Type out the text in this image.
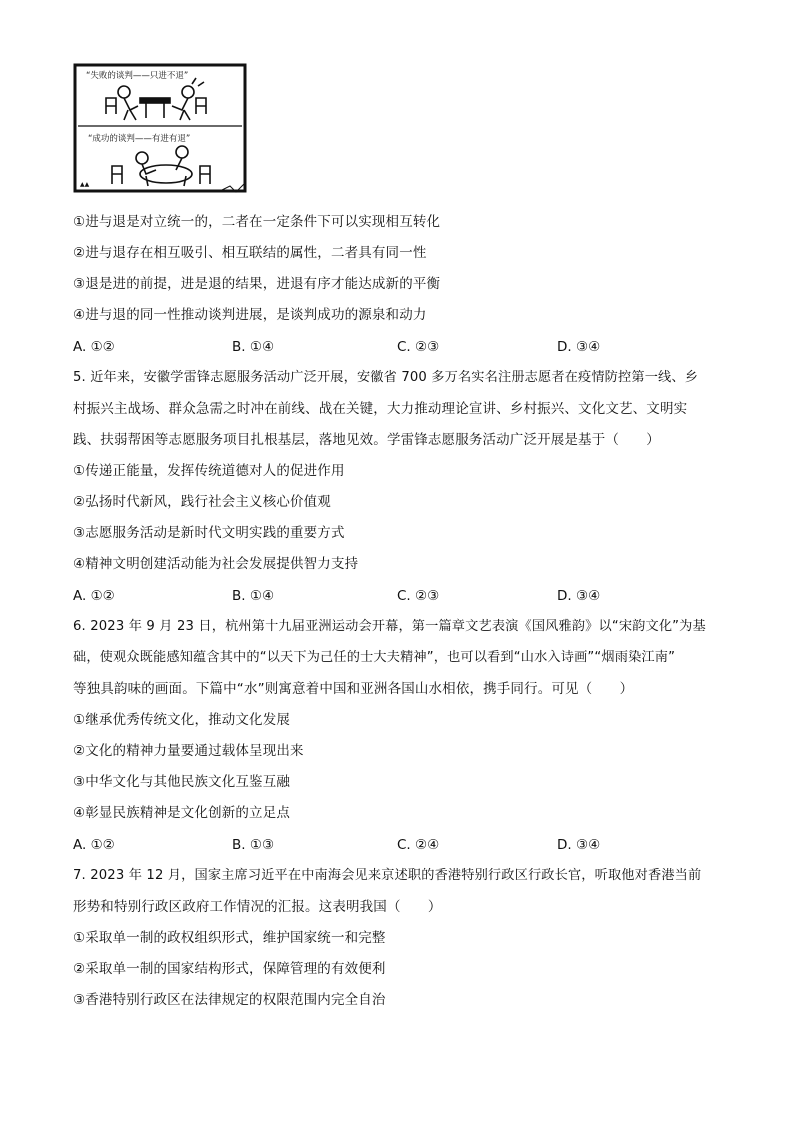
“失败的谈判——只进不退”
“成功的谈判——有进有退”
▲▲
①进与退是对立统一的，二者在一定条件下可以实现相互转化
②进与退存在相互吸引、相互联结的属性，二者具有同一性
③退是进的前提，进是退的结果，进退有序才能达成新的平衡
④进与退的同一性推动谈判进展，是谈判成功的源泉和动力
A. ①②	B. ①④	C. ②③	D. ③④
5. 近年来，安徽学雷锋志愿服务活动广泛开展，安徽省 700 多万名实名注册志愿者在疫情防控第一线、乡
村振兴主战场、群众急需之时冲在前线、战在关键，大力推动理论宣讲、乡村振兴、文化文艺、文明实
践、扶弱帮困等志愿服务项目扎根基层，落地见效。学雷锋志愿服务活动广泛开展是基于（　　）
①传递正能量，发挥传统道德对人的促进作用
②弘扬时代新风，践行社会主义核心价值观
③志愿服务活动是新时代文明实践的重要方式
④精神文明创建活动能为社会发展提供智力支持
A. ①②	B. ①④	C. ②③	D. ③④
6. 2023 年 9 月 23 日，杭州第十九届亚洲运动会开幕，第一篇章文艺表演《国风雅韵》以“宋韵文化”为基
础，使观众既能感知蕴含其中的“以天下为己任的士大夫精神”，也可以看到“山水入诗画”“烟雨染江南”
等独具韵味的画面。下篇中“水”则寓意着中国和亚洲各国山水相依，携手同行。可见（　　）
①继承优秀传统文化，推动文化发展
②文化的精神力量要通过载体呈现出来
③中华文化与其他民族文化互鉴互融
④彰显民族精神是文化创新的立足点
A. ①②	B. ①③	C. ②④	D. ③④
7. 2023 年 12 月，国家主席习近平在中南海会见来京述职的香港特别行政区行政长官，听取他对香港当前
形势和特别行政区政府工作情况的汇报。这表明我国（　　）
①采取单一制的政权组织形式，维护国家统一和完整
②采取单一制的国家结构形式，保障管理的有效便利
③香港特别行政区在法律规定的权限范围内完全自治
